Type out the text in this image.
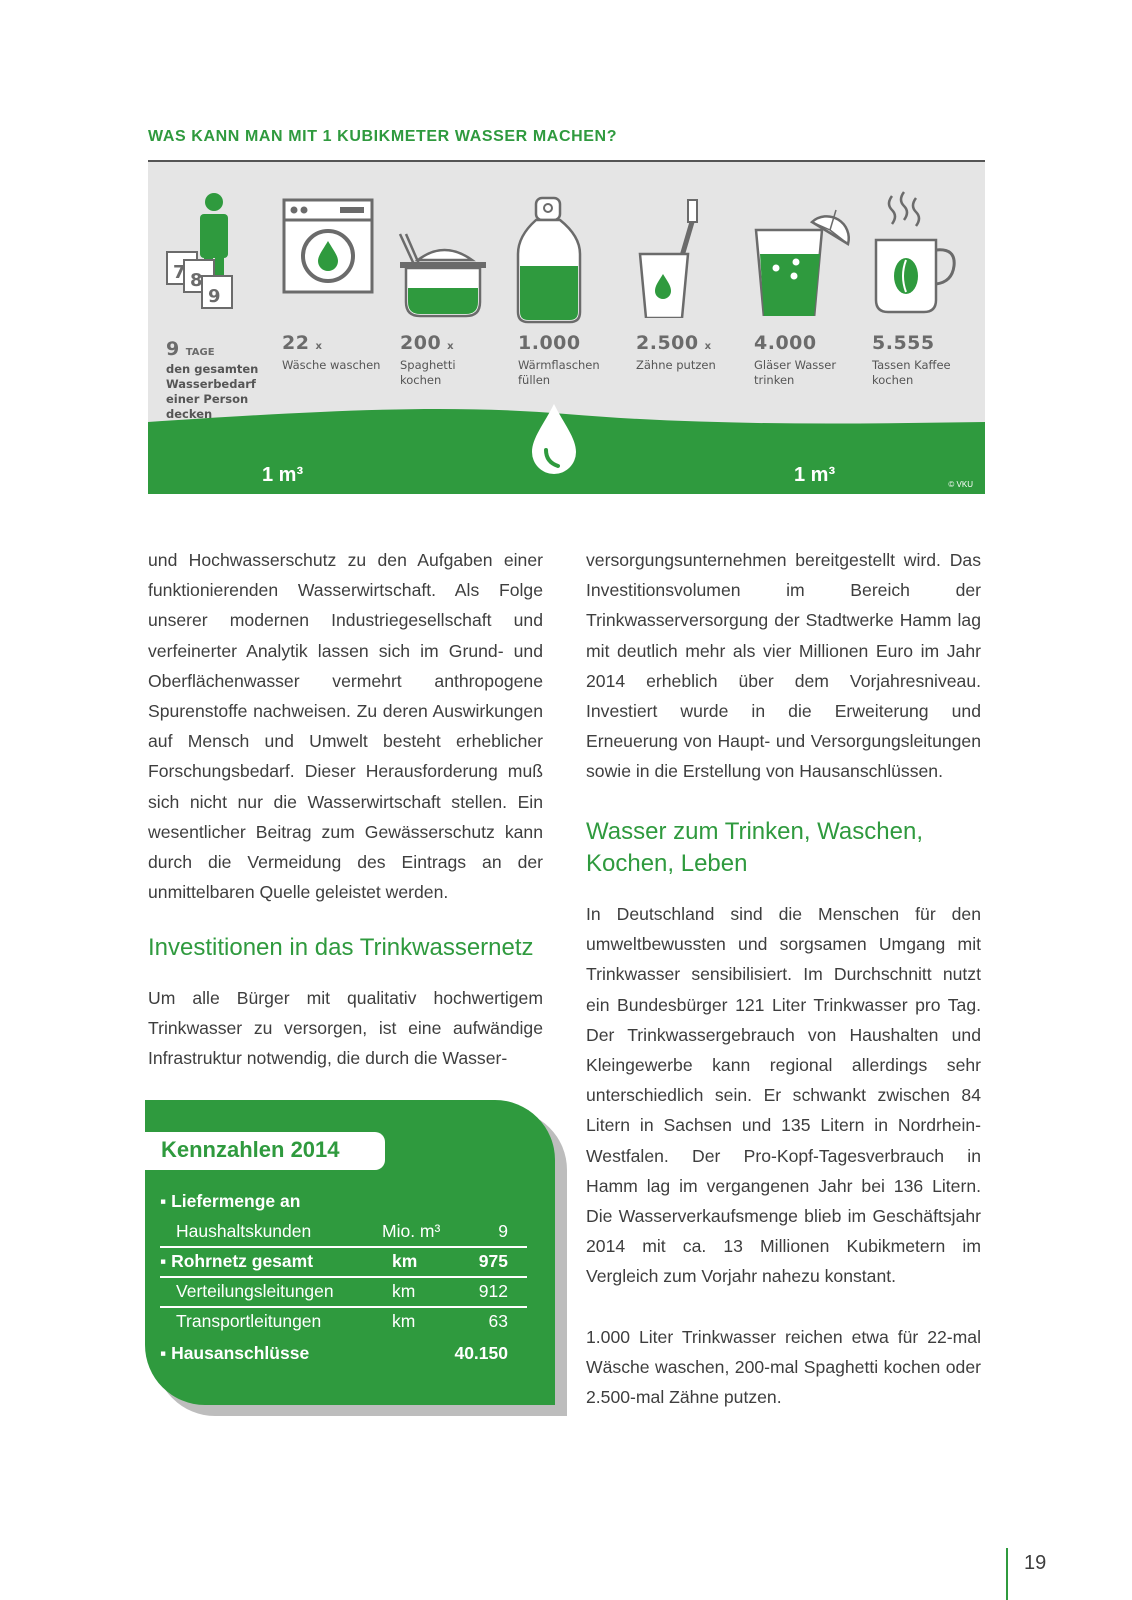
WAS KANN MAN MIT 1 KUBIKMETER WASSER MACHEN?
7 8
9
9 TAGE
den gesamten
Wasserbedarf
einer Person
decken
22 x
Wäsche waschen
200 x
Spaghetti
kochen
1.000
Wärmflaschen
füllen
2.500 x
Zähne putzen
4.000
Gläser Wasser
trinken
5.555
Tassen Kaffee
kochen
1 m³	1 m³	© VKU

und Hochwasserschutz zu den Aufgaben einer funktionierenden Wasserwirtschaft. Als Folge unserer modernen Industriegesellschaft und verfeinerter Analytik lassen sich im Grund- und Oberflächenwasser vermehrt anthropogene Spurenstoffe nachweisen. Zu deren Auswirkungen auf Mensch und Umwelt besteht erheblicher Forschungsbedarf. Dieser Herausforderung muß sich nicht nur die Wasserwirtschaft stellen. Ein wesentlicher Beitrag zum Gewässerschutz kann durch die Vermeidung des Eintrags an der unmittelbaren Quelle geleistet werden.

Investitionen in das Trinkwassernetz

Um alle Bürger mit qualitativ hochwertigem Trinkwasser zu versorgen, ist eine aufwändige Infrastruktur notwendig, die durch die Wasser-

Kennzahlen 2014
▪ Liefermenge an
Haushaltskunden	Mio. m³	9
▪ Rohrnetz gesamt	km	975
Verteilungsleitungen	km	912
Transportleitungen	km	63
▪ Hausanschlüsse	40.150

versorgungsunternehmen bereitgestellt wird. Das Investitionsvolumen im Bereich der Trinkwasserversorgung der Stadtwerke Hamm lag mit deutlich mehr als vier Millionen Euro im Jahr 2014 erheblich über dem Vorjahresniveau. Investiert wurde in die Erweiterung und Erneuerung von Haupt- und Versorgungsleitungen sowie in die Erstellung von Hausanschlüssen.

Wasser zum Trinken, Waschen, Kochen, Leben

In Deutschland sind die Menschen für den umweltbewussten und sorgsamen Umgang mit Trinkwasser sensibilisiert. Im Durchschnitt nutzt ein Bundesbürger 121 Liter Trinkwasser pro Tag. Der Trinkwassergebrauch von Haushalten und Kleingewerbe kann regional allerdings sehr unterschiedlich sein. Er schwankt zwischen 84 Litern in Sachsen und 135 Litern in Nordrhein-Westfalen. Der Pro-Kopf-Tagesverbrauch in Hamm lag im vergangenen Jahr bei 136 Litern. Die Wasserverkaufsmenge blieb im Geschäftsjahr 2014 mit ca. 13 Millionen Kubikmetern im Vergleich zum Vorjahr nahezu konstant.

1.000 Liter Trinkwasser reichen etwa für 22-mal Wäsche waschen, 200-mal Spaghetti kochen oder 2.500-mal Zähne putzen.

19
